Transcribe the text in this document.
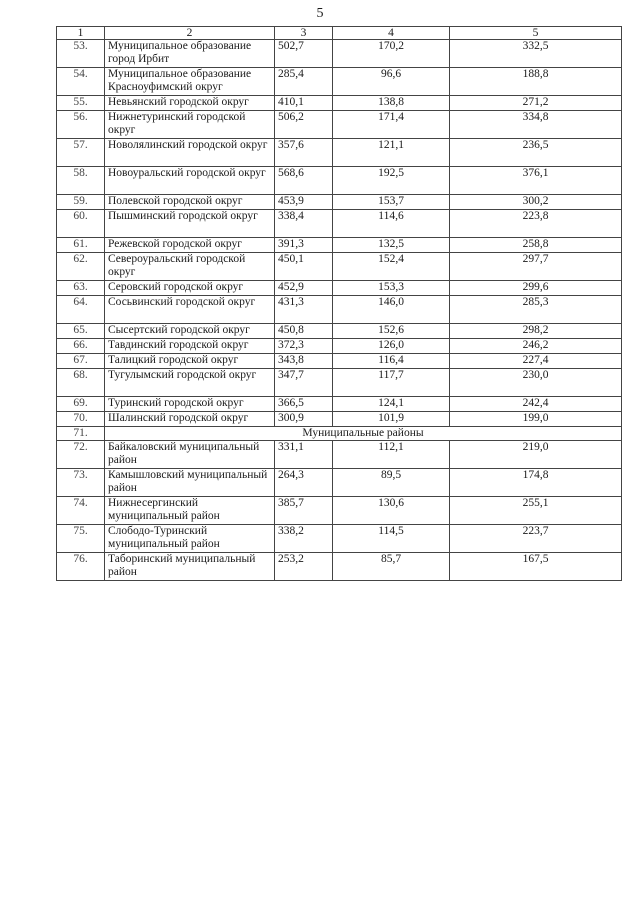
5
1	2	3	4	5
53.	Муниципальное образование город Ирбит	502,7	170,2	332,5
54.	Муниципальное образование Красноуфимский округ	285,4	96,6	188,8
55.	Невьянский городской округ	410,1	138,8	271,2
56.	Нижнетуринский городской округ	506,2	171,4	334,8
57.	Новолялинский городской округ	357,6	121,1	236,5
58.	Новоуральский городской округ	568,6	192,5	376,1
59.	Полевской городской округ	453,9	153,7	300,2
60.	Пышминский городской округ	338,4	114,6	223,8
61.	Режевской городской округ	391,3	132,5	258,8
62.	Североуральский городской округ	450,1	152,4	297,7
63.	Серовский городской округ	452,9	153,3	299,6
64.	Сосьвинский городской округ	431,3	146,0	285,3
65.	Сысертский городской округ	450,8	152,6	298,2
66.	Тавдинский городской округ	372,3	126,0	246,2
67.	Талицкий городской округ	343,8	116,4	227,4
68.	Тугулымский городской округ	347,7	117,7	230,0
69.	Туринский городской округ	366,5	124,1	242,4
70.	Шалинский городской округ	300,9	101,9	199,0
71.	Муниципальные районы			
72.	Байкаловский муниципальный район	331,1	112,1	219,0
73.	Камышловский муниципальный район	264,3	89,5	174,8
74.	Нижнесергинский муниципальный район	385,7	130,6	255,1
75.	Слободо-Туринский муниципальный район	338,2	114,5	223,7
76.	Таборинский муниципальный район	253,2	85,7	167,5
